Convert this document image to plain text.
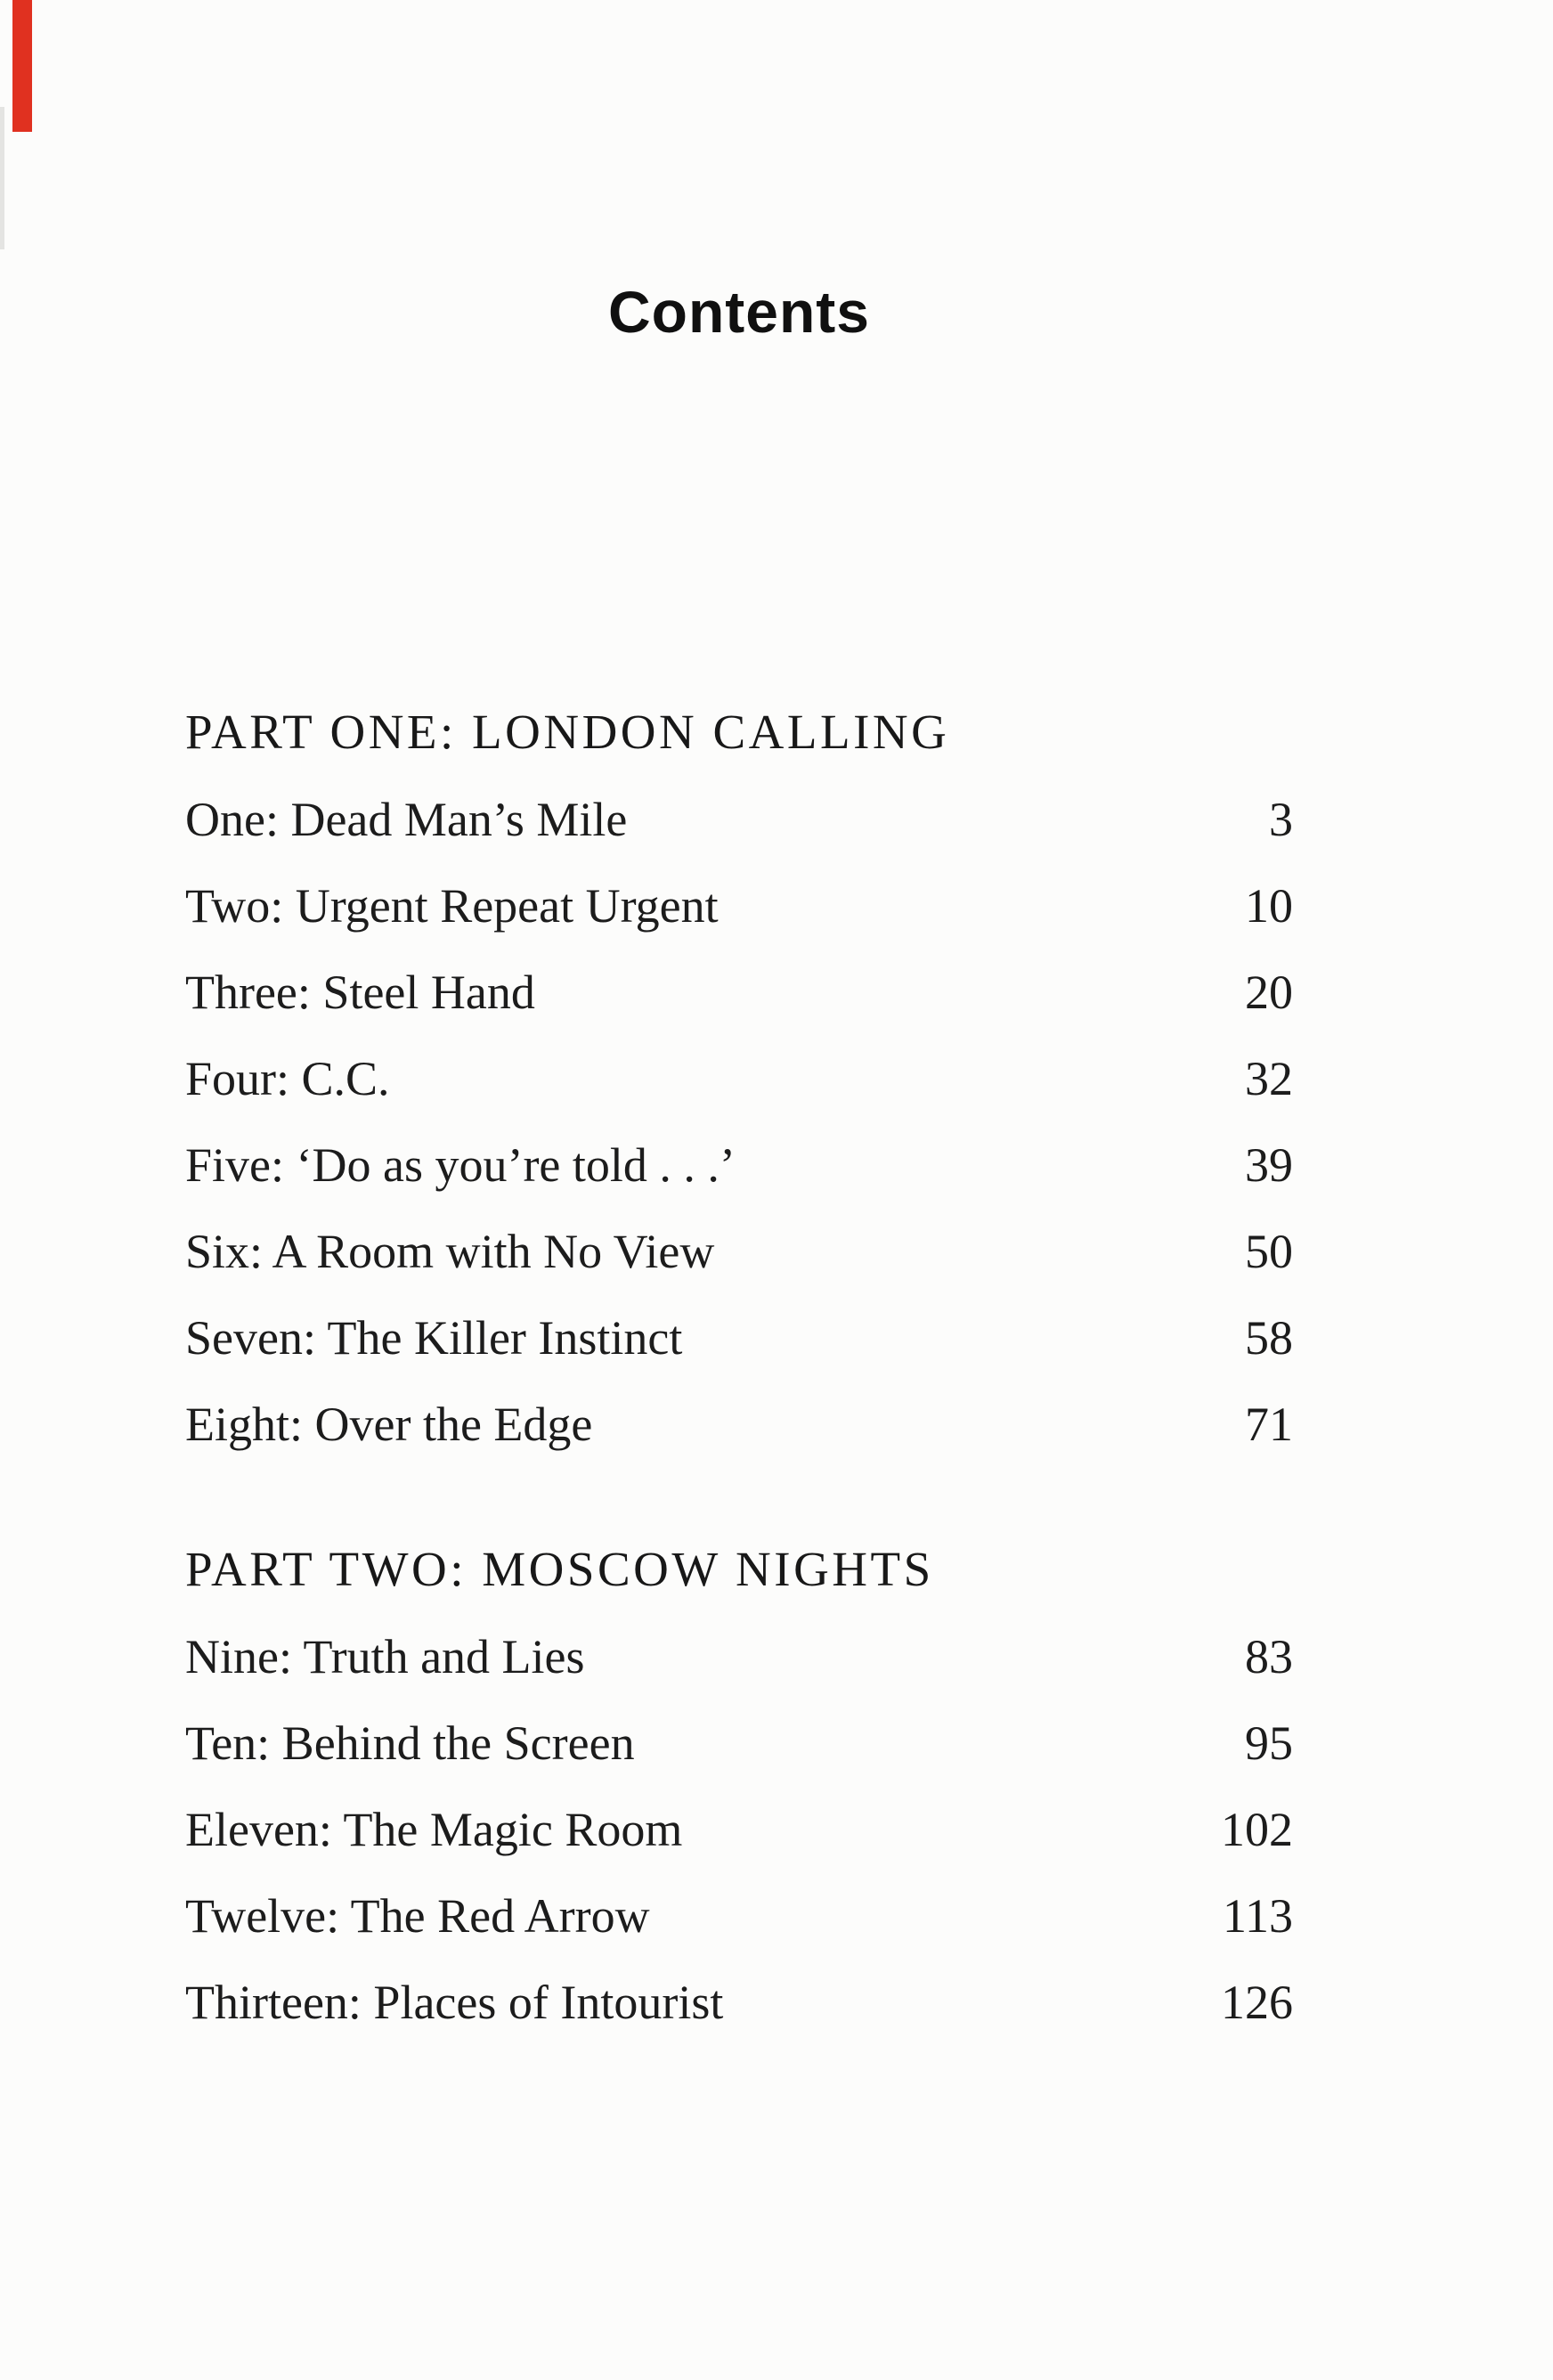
Contents
PART ONE: LONDON CALLING
One: Dead Man’s Mile	3
Two: Urgent Repeat Urgent	10
Three: Steel Hand	20
Four: C.C.	32
Five: ‘Do as you’re told . . .’	39
Six: A Room with No View	50
Seven: The Killer Instinct	58
Eight: Over the Edge	71
PART TWO: MOSCOW NIGHTS
Nine: Truth and Lies	83
Ten: Behind the Screen	95
Eleven: The Magic Room	102
Twelve: The Red Arrow	113
Thirteen: Places of Intourist	126
